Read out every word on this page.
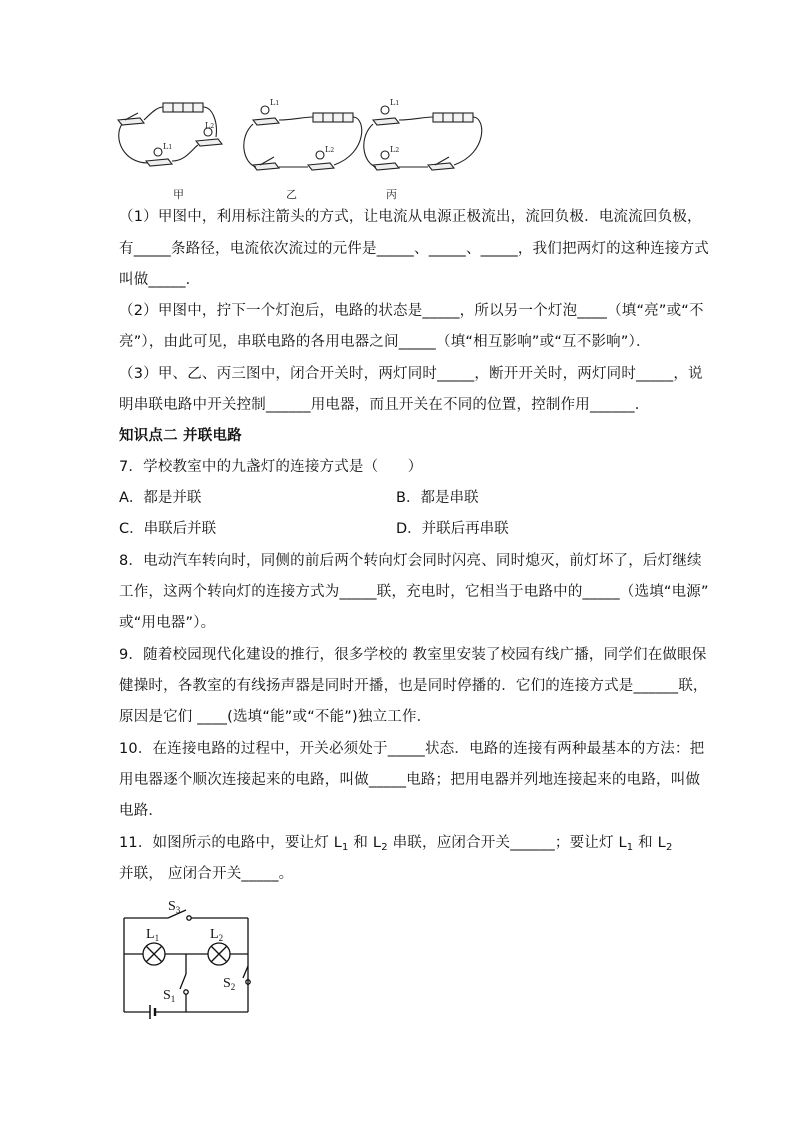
L2
L1
L1
L2
L1
L2
甲	乙	丙
（1）甲图中，利用标注箭头的方式，让电流从电源正极流出，流回负极．电流流回负极，
有_____条路径，电流依次流过的元件是_____、_____、_____，我们把两灯的这种连接方式
叫做_____．
（2）甲图中，拧下一个灯泡后，电路的状态是_____，所以另一个灯泡____（填“亮”或“不
亮”），由此可见，串联电路的各用电器之间_____（填“相互影响”或“互不影响”）．
（3）甲、乙、丙三图中，闭合开关时，两灯同时_____，断开开关时，两灯同时_____，说
明串联电路中开关控制______用电器，而且开关在不同的位置，控制作用______．
知识点二 并联电路
7．学校教室中的九盏灯的连接方式是（　　）
A．都是并联	B．都是串联
C．串联后并联	D．并联后再串联
8．电动汽车转向时，同侧的前后两个转向灯会同时闪亮、同时熄灭，前灯坏了，后灯继续
工作，这两个转向灯的连接方式为_____联，充电时，它相当于电路中的_____（选填“电源”
或“用电器”）。
9．随着校园现代化建设的推行，很多学校的 教室里安装了校园有线广播，同学们在做眼保
健操时，各教室的有线扬声器是同时开播，也是同时停播的．它们的连接方式是______联，
原因是它们 ____(选填“能”或“不能”)独立工作．
10．在连接电路的过程中，开关必须处于_____状态．电路的连接有两种最基本的方法：把
用电器逐个顺次连接起来的电路，叫做_____电路；把用电器并列地连接起来的电路，叫做
电路．
11．如图所示的电路中，要让灯 $L_1$ 和 $L_2$ 串联，应闭合开关______；要让灯 $L_1$ 和 $L_2$
并联， 应闭合开关_____。
$S_3$
$L_1$	$L_2$
$S_1$
$S_2$
